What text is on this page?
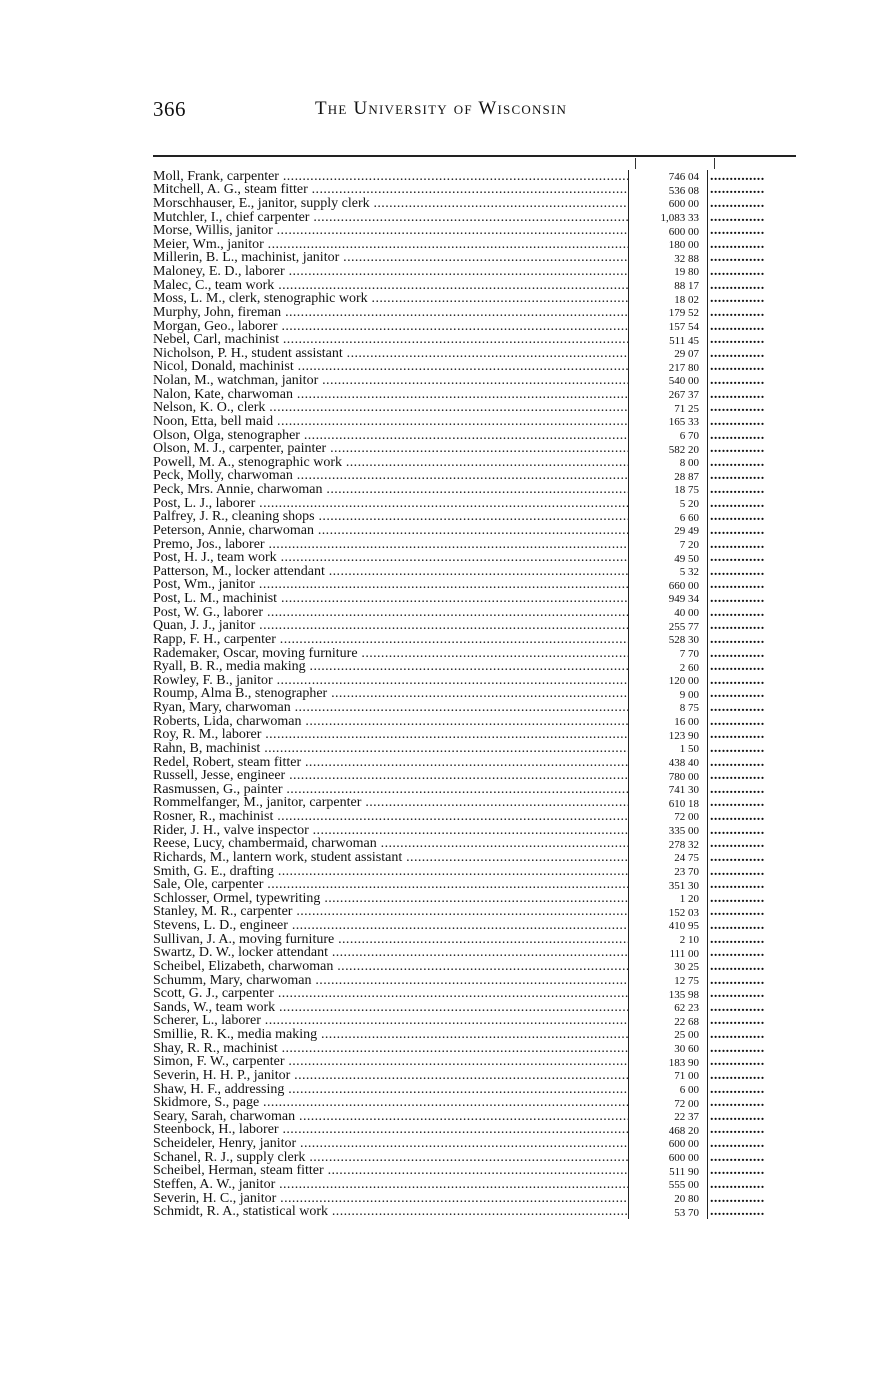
366	The University of Wisconsin
Moll, Frank, carpenter .....	746 04 ..............
Mitchell, A. G., steam fitter .....	536 08 ..............
Morschhauser, E., janitor, supply clerk .....	600 00 ..............
Mutchler, I., chief carpenter .....	1,083 33 ..............
Morse, Willis, janitor .....	600 00 ..............
Meier, Wm., janitor .....	180 00 ..............
Millerin, B. L., machinist, janitor .....	32 88 ..............
Maloney, E. D., laborer .....	19 80 ..............
Malec, C., team work .....	88 17 ..............
Moss, L. M., clerk, stenographic work .....	18 02 ..............
Murphy, John, fireman .....	179 52 ..............
Morgan, Geo., laborer .....	157 54 ..............
Nebel, Carl, machinist .....	511 45 ..............
Nicholson, P. H., student assistant .....	29 07 ..............
Nicol, Donald, machinist .....	217 80 ..............
Nolan, M., watchman, janitor .....	540 00 ..............
Nalon, Kate, charwoman .....	267 37 ..............
Nelson, K. O., clerk .....	71 25 ..............
Noon, Etta, bell maid .....	165 33 ..............
Olson, Olga, stenographer .....	6 70 ..............
Olson, M. J., carpenter, painter .....	582 20 ..............
Powell, M. A., stenographic work .....	8 00 ..............
Peck, Molly, charwoman .....	28 87 ..............
Peck, Mrs. Annie, charwoman .....	18 75 ..............
Post, L. J., laborer .....	5 20 ..............
Palfrey, J. R., cleaning shops .....	6 60 ..............
Peterson, Annie, charwoman .....	29 49 ..............
Premo, Jos., laborer .....	7 20 ..............
Post, H. J., team work .....	49 50 ..............
Patterson, M., locker attendant .....	5 32 ..............
Post, Wm., janitor .....	660 00 ..............
Post, L. M., machinist .....	949 34 ..............
Post, W. G., laborer .....	40 00 ..............
Quan, J. J., janitor .....	255 77 ..............
Rapp, F. H., carpenter .....	528 30 ..............
Rademaker, Oscar, moving furniture .....	7 70 ..............
Ryall, B. R., media making .....	2 60 ..............
Rowley, F. B., janitor .....	120 00 ..............
Roump, Alma B., stenographer .....	9 00 ..............
Ryan, Mary, charwoman .....	8 75 ..............
Roberts, Lida, charwoman .....	16 00 ..............
Roy, R. M., laborer .....	123 90 ..............
Rahn, B, machinist .....	1 50 ..............
Redel, Robert, steam fitter .....	438 40 ..............
Russell, Jesse, engineer .....	780 00 ..............
Rasmussen, G., painter .....	741 30 ..............
Rommelfanger, M., janitor, carpenter .....	610 18 ..............
Rosner, R., machinist .....	72 00 ..............
Rider, J. H., valve inspector .....	335 00 ..............
Reese, Lucy, chambermaid, charwoman .....	278 32 ..............
Richards, M., lantern work, student assistant .....	24 75 ..............
Smith, G. E., drafting .....	23 70 ..............
Sale, Ole, carpenter .....	351 30 ..............
Schlosser, Ormel, typewriting .....	1 20 ..............
Stanley, M. R., carpenter .....	152 03 ..............
Stevens, L. D., engineer .....	410 95 ..............
Sullivan, J. A., moving furniture .....	2 10 ..............
Swartz, D. W., locker attendant .....	111 00 ..............
Scheibel, Elizabeth, charwoman .....	30 25 ..............
Schumm, Mary, charwoman .....	12 75 ..............
Scott, G. J., carpenter .....	135 98 ..............
Sands, W., team work .....	62 23 ..............
Scherer, L., laborer .....	22 68 ..............
Smillie, R. K., media making .....	25 00 ..............
Shay, R. R., machinist .....	30 60 ..............
Simon, F. W., carpenter .....	183 90 ..............
Severin, H. H. P., janitor .....	71 00 ..............
Shaw, H. F., addressing .....	6 00 ..............
Skidmore, S., page .....	72 00 ..............
Seary, Sarah, charwoman .....	22 37 ..............
Steenbock, H., laborer .....	468 20 ..............
Scheideler, Henry, janitor .....	600 00 ..............
Schanel, R. J., supply clerk .....	600 00 ..............
Scheibel, Herman, steam fitter .....	511 90 ..............
Steffen, A. W., janitor .....	555 00 ..............
Severin, H. C., janitor .....	20 80 ..............
Schmidt, R. A., statistical work .....	53 70 ..............
